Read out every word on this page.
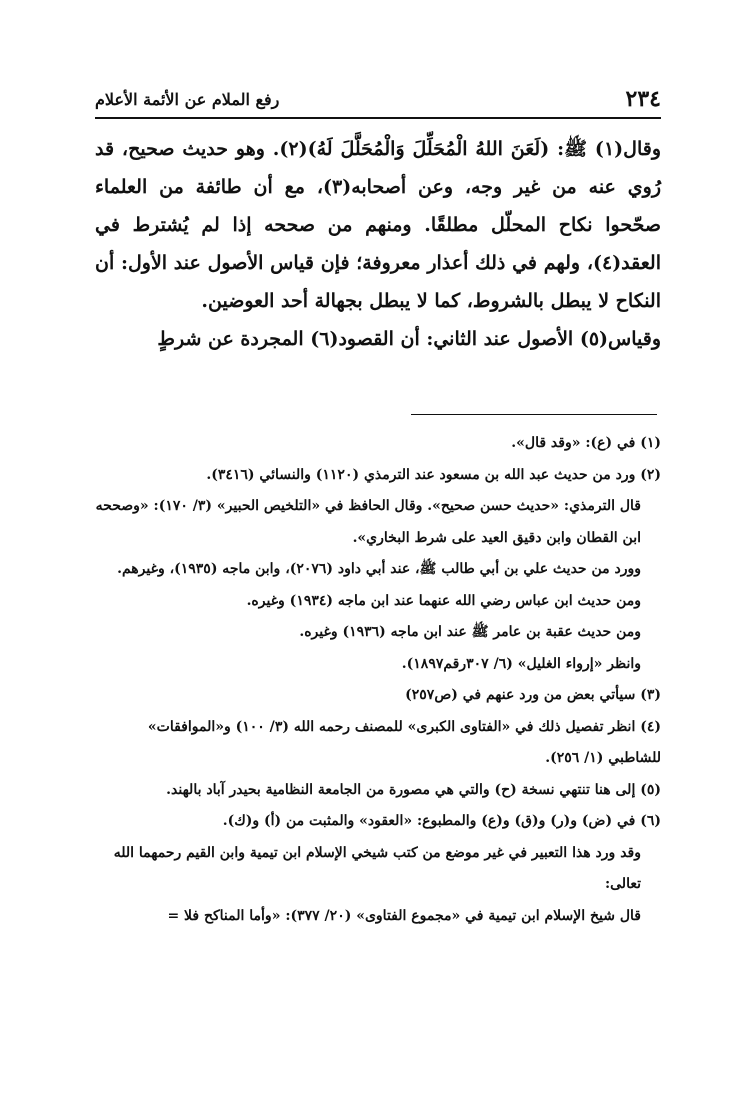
٢٣٤
رفع الملام عن الأئمة الأعلام

وقال(١) ﷺ: (لَعَنَ اللهُ الْمُحَلِّلَ وَالْمُحَلَّلَ لَهُ)(٢). وهو حديث صحيح، قد رُوي عنه من غير وجه، وعن أصحابه(٣)، مع أن طائفة من العلماء صحّحوا نكاح المحلّل مطلقًا. ومنهم من صححه إذا لم يُشترط في العقد(٤)، ولهم في ذلك أعذار معروفة؛ فإن قياس الأصول عند الأول: أن النكاح لا يبطل بالشروط، كما لا يبطل بجهالة أحد العوضين.

وقياس(٥) الأصول عند الثاني: أن القصود(٦) المجردة عن شرطٍ

(١) في (ع): «وقد قال».

(٢) ورد من حديث عبد الله بن مسعود عند الترمذي (١١٢٠) والنسائي (٣٤١٦).

قال الترمذي: «حديث حسن صحيح». وقال الحافظ في «التلخيص الحبير» (٣/ ١٧٠): «وصححه ابن القطان وابن دقيق العيد على شرط البخاري».

وورد من حديث علي بن أبي طالب ﷺ، عند أبي داود (٢٠٧٦)، وابن ماجه (١٩٣٥)، وغيرهم.

ومن حديث ابن عباس رضي الله عنهما عند ابن ماجه (١٩٣٤) وغيره.

ومن حديث عقبة بن عامر ﷺ عند ابن ماجه (١٩٣٦) وغيره.

وانظر «إرواء الغليل» (٦/ ٣٠٧رقم١٨٩٧).

(٣) سيأتي بعض من ورد عنهم في (ص٢٥٧)

(٤) انظر تفصيل ذلك في «الفتاوى الكبرى» للمصنف رحمه الله (٣/ ١٠٠) و«الموافقات» للشاطبي (١/ ٢٥٦).

(٥) إلى هنا تنتهي نسخة (ح) والتي هي مصورة من الجامعة النظامية بحيدر آباد بالهند.

(٦) في (ض) و(ر) و(ق) و(ع) والمطبوع: «العقود» والمثبت من (أ) و(ك).

وقد ورد هذا التعبير في غير موضع من كتب شيخي الإسلام ابن تيمية وابن القيم رحمهما الله تعالى:

قال شيخ الإسلام ابن تيمية في «مجموع الفتاوى» (٢٠/ ٣٧٧): «وأما المناكح فلا =
